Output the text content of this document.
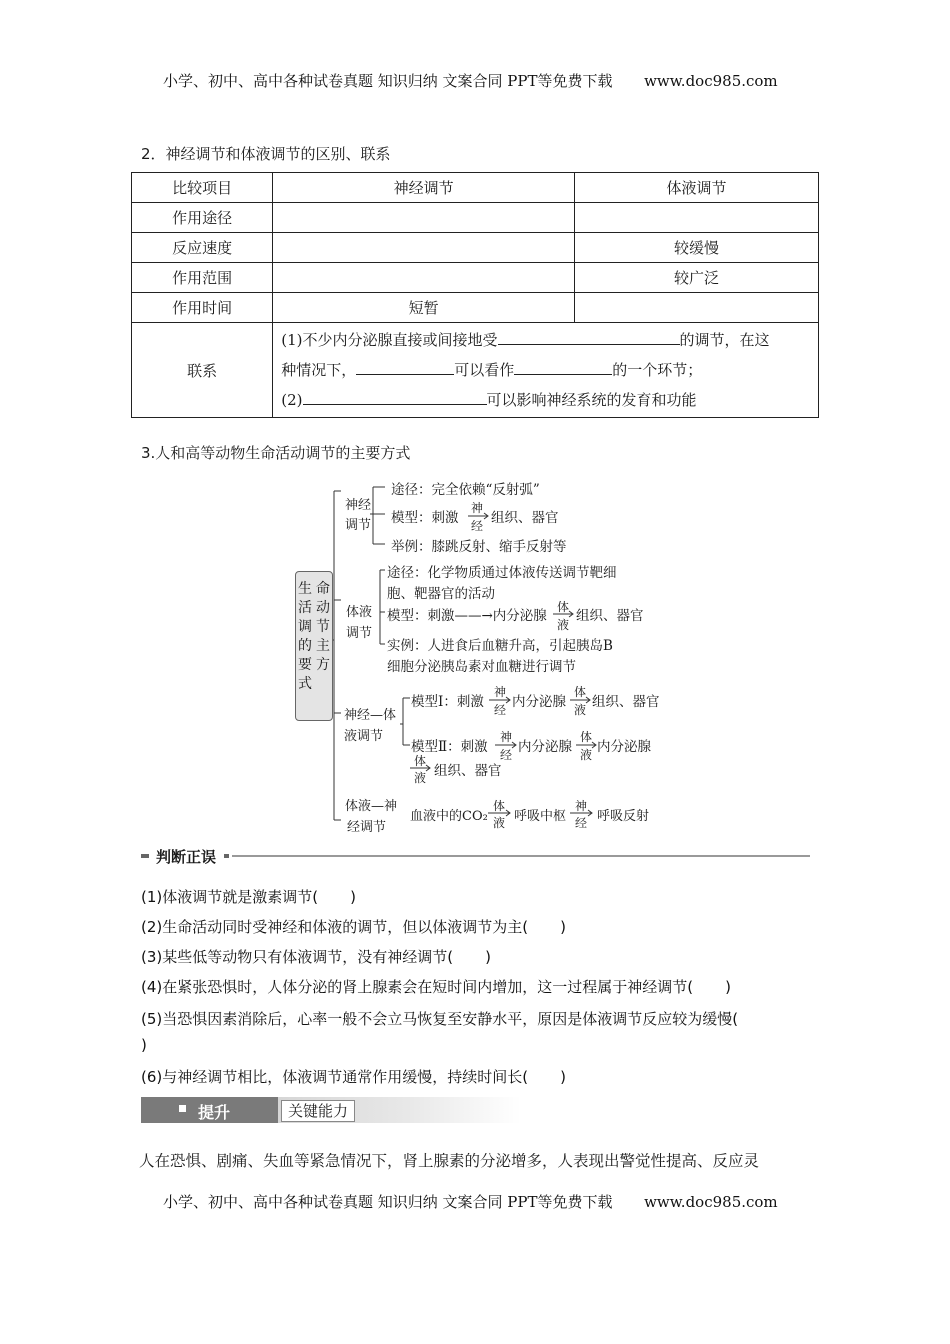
小学、初中、高中各种试卷真题 知识归纳 文案合同 PPT等免费下载 www.doc985.com
2．神经调节和体液调节的区别、联系
比较项目	神经调节	体液调节
作用途径		
反应速度		较缓慢
作用范围		较广泛
作用时间	短暂	
联系	(1)不少内分泌腺直接或间接地受 的调节，在这
种情况下， 可以看作 的一个环节；
(2) 可以影响神经系统的发育和功能	
3.人和高等动物生命活动调节的主要方式
生
活
调
的
要
式
命
动
节
主
方
神经
调节
途径：完全依赖“反射弧”
模型：刺激
神
经 组织、器官
举例：膝跳反射、缩手反射等
体液
调节
途径：化学物质通过体液传送调节靶细
胞、靶器官的活动
模型：刺激——→内分泌腺
体
液
组织、器官
实例：人进食后血糖升高，引起胰岛B
细胞分泌胰岛素对血糖进行调节
神经—体
液调节
模型Ⅰ：刺激
神
经 内分泌腺
体
液 组织、器官
模型Ⅱ：刺激
神
经 内分泌腺
体
液 内分泌腺
体
液 组织、器官
体液—神
经调节
血液中的CO₂
体
液 呼吸中枢
神
经 呼吸反射
判断正误
(1)体液调节就是激素调节( )
(2)生命活动同时受神经和体液的调节，但以体液调节为主( )
(3)某些低等动物只有体液调节，没有神经调节( )
(4)在紧张恐惧时，人体分泌的肾上腺素会在短时间内增加，这一过程属于神经调节( )
(5)当恐惧因素消除后，心率一般不会立马恢复至安静水平，原因是体液调节反应较为缓慢(
)
(6)与神经调节相比，体液调节通常作用缓慢，持续时间长( )
提升	关键能力
人在恐惧、剧痛、失血等紧急情况下，肾上腺素的分泌增多，人表现出警觉性提高、反应灵
小学、初中、高中各种试卷真题 知识归纳 文案合同 PPT等免费下载 www.doc985.com
